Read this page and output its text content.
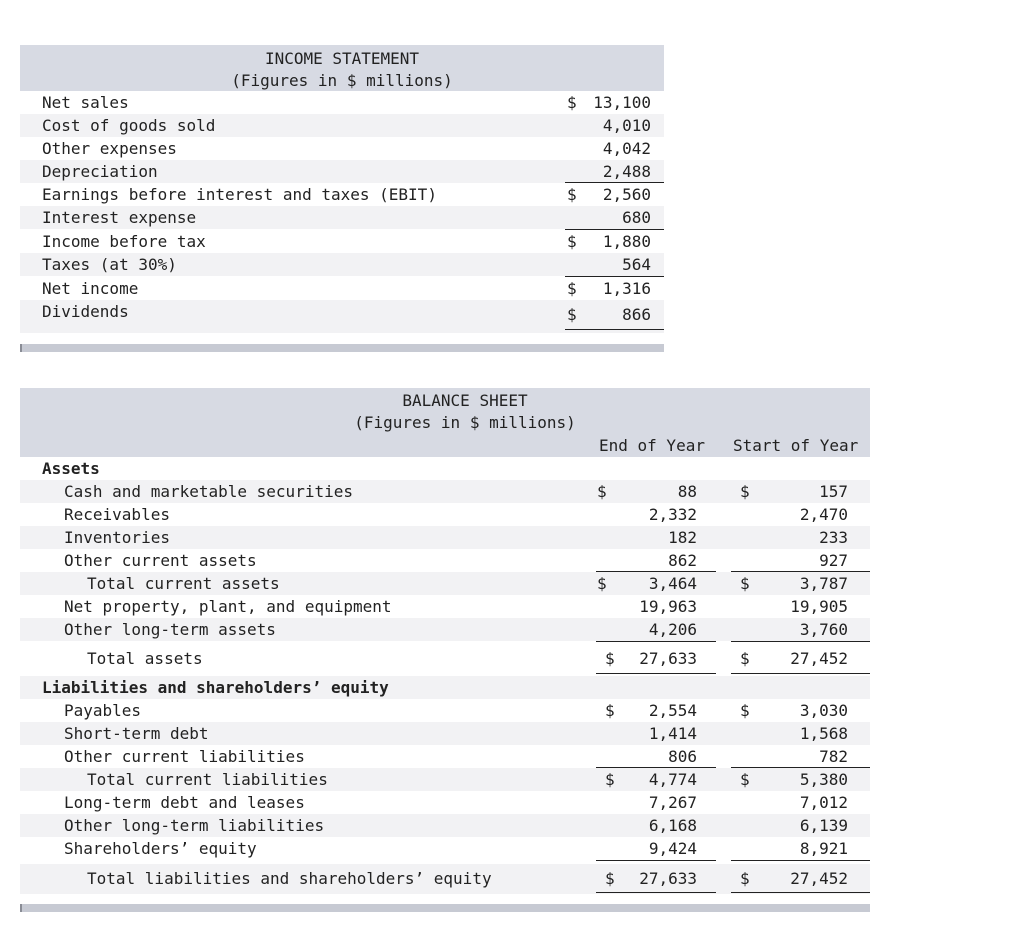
INCOME STATEMENT
(Figures in $ millions)
Net sales
Cost of goods sold
Other expenses
Depreciation
Earnings before interest and taxes (EBIT)
Interest expense
Income before tax
Taxes (at 30%)
Net income
Dividends
$
$
$
$
$
13,100
4,010
4,042
2,488
2,560
680
1,880
564
1,316
866
BALANCE SHEET
(Figures in $ millions)
End of Year Start of Year
Assets
Cash and marketable securities
Receivables
Inventories
Other current assets
Total current assets
Net property, plant, and equipment
Other long-term assets
Total assets
Liabilities and shareholders’ equity
Payables
Short-term debt
Other current liabilities
Total current liabilities
Long-term debt and leases
Other long-term liabilities
Shareholders’ equity
Total liabilities and shareholders’ equity
$
$
$
$
$
$
$
$
$
$
$
$
88
2,332
182
862
3,464
19,963
4,206
27,633
2,554
1,414
806
4,774
7,267
6,168
9,424
27,633
157
2,470
233
927
3,787
19,905
3,760
27,452
3,030
1,568
782
5,380
7,012
6,139
8,921
27,452
